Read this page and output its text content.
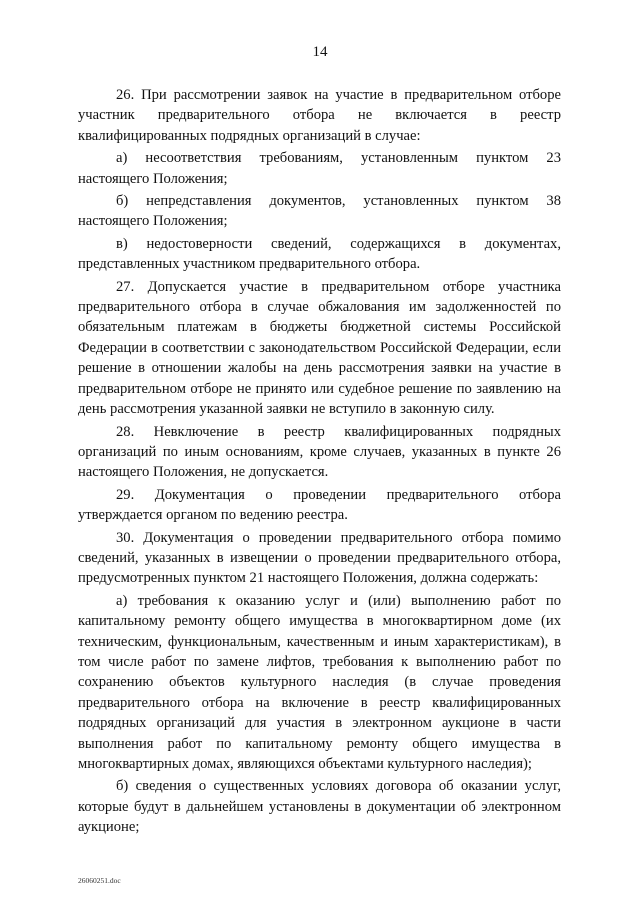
14

26. При рассмотрении заявок на участие в предварительном отборе участник предварительного отбора не включается в реестр квалифицированных подрядных организаций в случае:

а) несоответствия требованиям, установленным пунктом 23 настоящего Положения;

б) непредставления документов, установленных пунктом 38 настоящего Положения;

в) недостоверности сведений, содержащихся в документах, представленных участником предварительного отбора.

27. Допускается участие в предварительном отборе участника предварительного отбора в случае обжалования им задолженностей по обязательным платежам в бюджеты бюджетной системы Российской Федерации в соответствии с законодательством Российской Федерации, если решение в отношении жалобы на день рассмотрения заявки на участие в предварительном отборе не принято или судебное решение по заявлению на день рассмотрения указанной заявки не вступило в законную силу.

28. Невключение в реестр квалифицированных подрядных организаций по иным основаниям, кроме случаев, указанных в пункте 26 настоящего Положения, не допускается.

29. Документация о проведении предварительного отбора утверждается органом по ведению реестра.

30. Документация о проведении предварительного отбора помимо сведений, указанных в извещении о проведении предварительного отбора, предусмотренных пунктом 21 настоящего Положения, должна содержать:

а) требования к оказанию услуг и (или) выполнению работ по капитальному ремонту общего имущества в многоквартирном доме (их техническим, функциональным, качественным и иным характеристикам), в том числе работ по замене лифтов, требования к выполнению работ по сохранению объектов культурного наследия (в случае проведения предварительного отбора на включение в реестр квалифицированных подрядных организаций для участия в электронном аукционе в части выполнения работ по капитальному ремонту общего имущества в многоквартирных домах, являющихся объектами культурного наследия);

б) сведения о существенных условиях договора об оказании услуг, которые будут в дальнейшем установлены в документации об электронном аукционе;

26060251.doc
